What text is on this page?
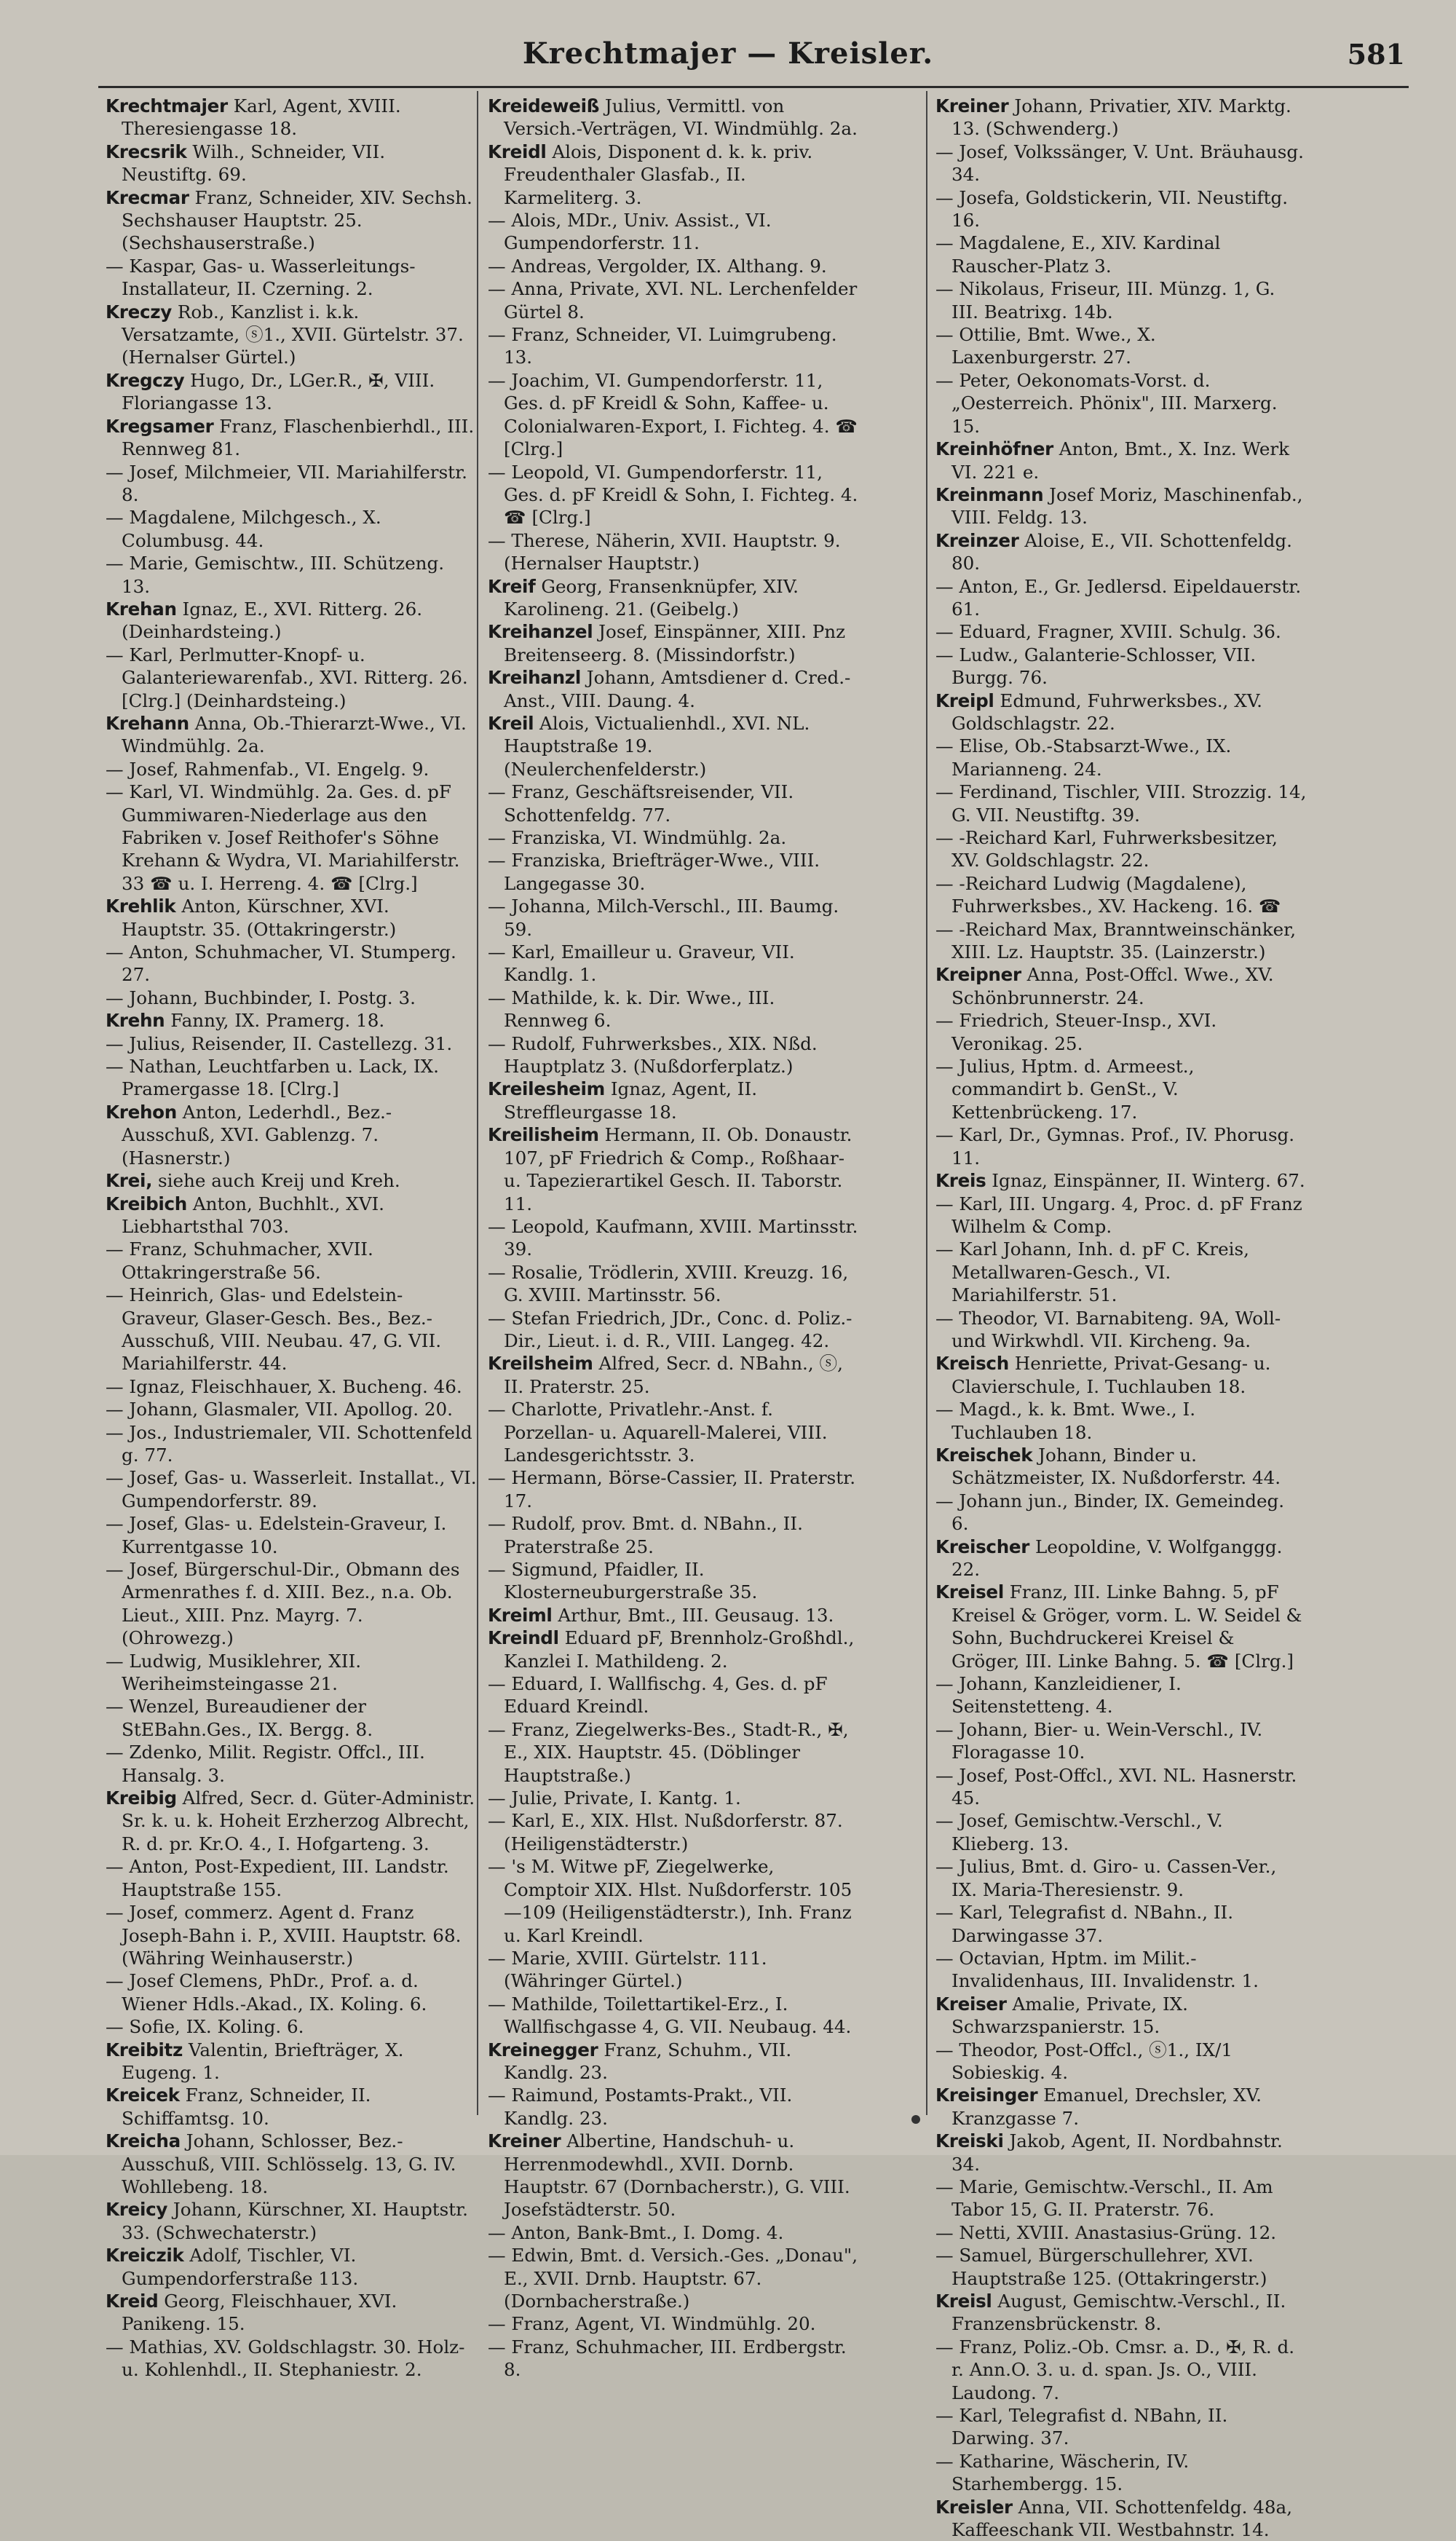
Krechtmajer — Kreisler.	581

Krechtmajer Karl, Agent, XVIII. Theresiengasse 18.

Krecsrik Wilh., Schneider, VII. Neustiftg. 69.

Krecmar Franz, Schneider, XIV. Sechsh. Sechshauser Hauptstr. 25. (Sechshauserstraße.)

— Kaspar, Gas- u. Wasserleitungs-Installateur, II. Czerning. 2.

Kreczy Rob., Kanzlist i. k.k. Versatzamte, ⓢ1., XVII. Gürtelstr. 37. (Hernalser Gürtel.)

Kregczy Hugo, Dr., LGer.R., ✠, VIII. Floriangasse 13.

Kregsamer Franz, Flaschenbierhdl., III. Rennweg 81.

— Josef, Milchmeier, VII. Mariahilferstr. 8.

— Magdalene, Milchgesch., X. Columbusg. 44.

— Marie, Gemischtw., III. Schützeng. 13.

Krehan Ignaz, E., XVI. Ritterg. 26. (Deinhardsteing.)

— Karl, Perlmutter-Knopf- u. Galanteriewarenfab., XVI. Ritterg. 26. [Clrg.] (Deinhardsteing.)

Krehann Anna, Ob.-Thierarzt-Wwe., VI. Windmühlg. 2a.

— Josef, Rahmenfab., VI. Engelg. 9.

— Karl, VI. Windmühlg. 2a. Ges. d. pF Gummiwaren-Niederlage aus den Fabriken v. Josef Reithofer's Söhne Krehann & Wydra, VI. Mariahilferstr. 33 ☎ u. I. Herreng. 4. ☎ [Clrg.]

Krehlik Anton, Kürschner, XVI. Hauptstr. 35. (Ottakringerstr.)

— Anton, Schuhmacher, VI. Stumperg. 27.

— Johann, Buchbinder, I. Postg. 3.

Krehn Fanny, IX. Pramerg. 18.

— Julius, Reisender, II. Castellezg. 31.

— Nathan, Leuchtfarben u. Lack, IX. Pramergasse 18. [Clrg.]

Krehon Anton, Lederhdl., Bez.-Ausschuß, XVI. Gablenzg. 7. (Hasnerstr.)

Krei, siehe auch Kreij und Kreh.

Kreibich Anton, Buchhlt., XVI. Liebhartsthal 703.

— Franz, Schuhmacher, XVII. Ottakringerstraße 56.

— Heinrich, Glas- und Edelstein-Graveur, Glaser-Gesch. Bes., Bez.-Ausschuß, VIII. Neubau. 47, G. VII. Mariahilferstr. 44.

— Ignaz, Fleischhauer, X. Bucheng. 46.

— Johann, Glasmaler, VII. Apollog. 20.

— Jos., Industriemaler, VII. Schottenfeld g. 77.

— Josef, Gas- u. Wasserleit. Installat., VI. Gumpendorferstr. 89.

— Josef, Glas- u. Edelstein-Graveur, I. Kurrentgasse 10.

— Josef, Bürgerschul-Dir., Obmann des Armenrathes f. d. XIII. Bez., n.a. Ob. Lieut., XIII. Pnz. Mayrg. 7. (Ohrowezg.)

— Ludwig, Musiklehrer, XII. Weriheimsteingasse 21.

— Wenzel, Bureaudiener der StEBahn.Ges., IX. Bergg. 8.

— Zdenko, Milit. Registr. Offcl., III. Hansalg. 3.

Kreibig Alfred, Secr. d. Güter-Administr. Sr. k. u. k. Hoheit Erzherzog Albrecht, R. d. pr. Kr.O. 4., I. Hofgarteng. 3.

— Anton, Post-Expedient, III. Landstr. Hauptstraße 155.

— Josef, commerz. Agent d. Franz Joseph-Bahn i. P., XVIII. Hauptstr. 68. (Währing Weinhauserstr.)

— Josef Clemens, PhDr., Prof. a. d. Wiener Hdls.-Akad., IX. Koling. 6.

— Sofie, IX. Koling. 6.

Kreibitz Valentin, Briefträger, X. Eugeng. 1.

Kreicek Franz, Schneider, II. Schiffamtsg. 10.

Kreicha Johann, Schlosser, Bez.-Ausschuß, VIII. Schlösselg. 13, G. IV. Wohllebeng. 18.

Kreicy Johann, Kürschner, XI. Hauptstr. 33. (Schwechaterstr.)

Kreiczik Adolf, Tischler, VI. Gumpendorferstraße 113.

Kreid Georg, Fleischhauer, XVI. Panikeng. 15.

— Mathias, XV. Goldschlagstr. 30. Holz- u. Kohlenhdl., II. Stephaniestr. 2.

Kreideweiß Julius, Vermittl. von Versich.-Verträgen, VI. Windmühlg. 2a.

Kreidl Alois, Disponent d. k. k. priv. Freudenthaler Glasfab., II. Karmeliterg. 3.

— Alois, MDr., Univ. Assist., VI. Gumpendorferstr. 11.

— Andreas, Vergolder, IX. Althang. 9.

— Anna, Private, XVI. NL. Lerchenfelder Gürtel 8.

— Franz, Schneider, VI. Luimgrubeng. 13.

— Joachim, VI. Gumpendorferstr. 11, Ges. d. pF Kreidl & Sohn, Kaffee- u. Colonialwaren-Export, I. Fichteg. 4. ☎ [Clrg.]

— Leopold, VI. Gumpendorferstr. 11, Ges. d. pF Kreidl & Sohn, I. Fichteg. 4. ☎ [Clrg.]

— Therese, Näherin, XVII. Hauptstr. 9. (Hernalser Hauptstr.)

Kreif Georg, Fransenknüpfer, XIV. Karolineng. 21. (Geibelg.)

Kreihanzel Josef, Einspänner, XIII. Pnz Breitenseerg. 8. (Missindorfstr.)

Kreihanzl Johann, Amtsdiener d. Cred.-Anst., VIII. Daung. 4.

Kreil Alois, Victualienhdl., XVI. NL. Hauptstraße 19. (Neulerchenfelderstr.)

— Franz, Geschäftsreisender, VII. Schottenfeldg. 77.

— Franziska, VI. Windmühlg. 2a.

— Franziska, Briefträger-Wwe., VIII. Langegasse 30.

— Johanna, Milch-Verschl., III. Baumg. 59.

— Karl, Emailleur u. Graveur, VII. Kandlg. 1.

— Mathilde, k. k. Dir. Wwe., III. Rennweg 6.

— Rudolf, Fuhrwerksbes., XIX. Nßd. Hauptplatz 3. (Nußdorferplatz.)

Kreilesheim Ignaz, Agent, II. Streffleurgasse 18.

Kreilisheim Hermann, II. Ob. Donaustr. 107, pF Friedrich & Comp., Roßhaar- u. Tapezierartikel Gesch. II. Taborstr. 11.

— Leopold, Kaufmann, XVIII. Martinsstr. 39.

— Rosalie, Trödlerin, XVIII. Kreuzg. 16, G. XVIII. Martinsstr. 56.

— Stefan Friedrich, JDr., Conc. d. Poliz.-Dir., Lieut. i. d. R., VIII. Langeg. 42.

Kreilsheim Alfred, Secr. d. NBahn., ⓢ, II. Praterstr. 25.

— Charlotte, Privatlehr.-Anst. f. Porzellan- u. Aquarell-Malerei, VIII. Landesgerichtsstr. 3.

— Hermann, Börse-Cassier, II. Praterstr. 17.

— Rudolf, prov. Bmt. d. NBahn., II. Praterstraße 25.

— Sigmund, Pfaidler, II. Klosterneuburgerstraße 35.

Kreiml Arthur, Bmt., III. Geusaug. 13.

Kreindl Eduard pF, Brennholz-Großhdl., Kanzlei I. Mathildeng. 2.

— Eduard, I. Wallfischg. 4, Ges. d. pF Eduard Kreindl.

— Franz, Ziegelwerks-Bes., Stadt-R., ✠, E., XIX. Hauptstr. 45. (Döblinger Hauptstraße.)

— Julie, Private, I. Kantg. 1.

— Karl, E., XIX. Hlst. Nußdorferstr. 87. (Heiligenstädterstr.)

— 's M. Witwe pF, Ziegelwerke, Comptoir XIX. Hlst. Nußdorferstr. 105—109 (Heiligenstädterstr.), Inh. Franz u. Karl Kreindl.

— Marie, XVIII. Gürtelstr. 111. (Währinger Gürtel.)

— Mathilde, Toilettartikel-Erz., I. Wallfischgasse 4, G. VII. Neubaug. 44.

Kreinegger Franz, Schuhm., VII. Kandlg. 23.

— Raimund, Postamts-Prakt., VII. Kandlg. 23.

Kreiner Albertine, Handschuh- u. Herrenmodewhdl., XVII. Dornb. Hauptstr. 67 (Dornbacherstr.), G. VIII. Josefstädterstr. 50.

— Anton, Bank-Bmt., I. Domg. 4.

— Edwin, Bmt. d. Versich.-Ges. „Donau", E., XVII. Drnb. Hauptstr. 67. (Dornbacherstraße.)

— Franz, Agent, VI. Windmühlg. 20.

— Franz, Schuhmacher, III. Erdbergstr. 8.

Kreiner Johann, Privatier, XIV. Marktg. 13. (Schwenderg.)

— Josef, Volkssänger, V. Unt. Bräuhausg. 34.

— Josefa, Goldstickerin, VII. Neustiftg. 16.

— Magdalene, E., XIV. Kardinal Rauscher-Platz 3.

— Nikolaus, Friseur, III. Münzg. 1, G. III. Beatrixg. 14b.

— Ottilie, Bmt. Wwe., X. Laxenburgerstr. 27.

— Peter, Oekonomats-Vorst. d. „Oesterreich. Phönix", III. Marxerg. 15.

Kreinhöfner Anton, Bmt., X. Inz. Werk VI. 221 e.

Kreinmann Josef Moriz, Maschinenfab., VIII. Feldg. 13.

Kreinzer Aloise, E., VII. Schottenfeldg. 80.

— Anton, E., Gr. Jedlersd. Eipeldauerstr. 61.

— Eduard, Fragner, XVIII. Schulg. 36.

— Ludw., Galanterie-Schlosser, VII. Burgg. 76.

Kreipl Edmund, Fuhrwerksbes., XV. Goldschlagstr. 22.

— Elise, Ob.-Stabsarzt-Wwe., IX. Marianneng. 24.

— Ferdinand, Tischler, VIII. Strozzig. 14, G. VII. Neustiftg. 39.

— -Reichard Karl, Fuhrwerksbesitzer, XV. Goldschlagstr. 22.

— -Reichard Ludwig (Magdalene), Fuhrwerksbes., XV. Hackeng. 16. ☎

— -Reichard Max, Branntweinschänker, XIII. Lz. Hauptstr. 35. (Lainzerstr.)

Kreipner Anna, Post-Offcl. Wwe., XV. Schönbrunnerstr. 24.

— Friedrich, Steuer-Insp., XVI. Veronikag. 25.

— Julius, Hptm. d. Armeest., commandirt b. GenSt., V. Kettenbrückeng. 17.

— Karl, Dr., Gymnas. Prof., IV. Phorusg. 11.

Kreis Ignaz, Einspänner, II. Winterg. 67.

— Karl, III. Ungarg. 4, Proc. d. pF Franz Wilhelm & Comp.

— Karl Johann, Inh. d. pF C. Kreis, Metallwaren-Gesch., VI. Mariahilferstr. 51.

— Theodor, VI. Barnabiteng. 9A, Woll- und Wirkwhdl. VII. Kircheng. 9a.

Kreisch Henriette, Privat-Gesang- u. Clavierschule, I. Tuchlauben 18.

— Magd., k. k. Bmt. Wwe., I. Tuchlauben 18.

Kreischek Johann, Binder u. Schätzmeister, IX. Nußdorferstr. 44.

— Johann jun., Binder, IX. Gemeindeg. 6.

Kreischer Leopoldine, V. Wolfganggg. 22.

Kreisel Franz, III. Linke Bahng. 5, pF Kreisel & Gröger, vorm. L. W. Seidel & Sohn, Buchdruckerei Kreisel & Gröger, III. Linke Bahng. 5. ☎ [Clrg.]

— Johann, Kanzleidiener, I. Seitenstetteng. 4.

— Johann, Bier- u. Wein-Verschl., IV. Floragasse 10.

— Josef, Post-Offcl., XVI. NL. Hasnerstr. 45.

— Josef, Gemischtw.-Verschl., V. Klieberg. 13.

— Julius, Bmt. d. Giro- u. Cassen-Ver., IX. Maria-Theresienstr. 9.

— Karl, Telegrafist d. NBahn., II. Darwingasse 37.

— Octavian, Hptm. im Milit.-Invalidenhaus, III. Invalidenstr. 1.

Kreiser Amalie, Private, IX. Schwarzspanierstr. 15.

— Theodor, Post-Offcl., ⓢ1., IX/1 Sobieskig. 4.

Kreisinger Emanuel, Drechsler, XV. Kranzgasse 7.

Kreiski Jakob, Agent, II. Nordbahnstr. 34.

— Marie, Gemischtw.-Verschl., II. Am Tabor 15, G. II. Praterstr. 76.

— Netti, XVIII. Anastasius-Grüng. 12.

— Samuel, Bürgerschullehrer, XVI. Hauptstraße 125. (Ottakringerstr.)

Kreisl August, Gemischtw.-Verschl., II. Franzensbrückenstr. 8.

— Franz, Poliz.-Ob. Cmsr. a. D., ✠, R. d. r. Ann.O. 3. u. d. span. Js. O., VIII. Laudong. 7.

— Karl, Telegrafist d. NBahn, II. Darwing. 37.

— Katharine, Wäscherin, IV. Starhembergg. 15.

Kreisler Anna, VII. Schottenfeldg. 48a, Kaffeeschank VII. Westbahnstr. 14.
